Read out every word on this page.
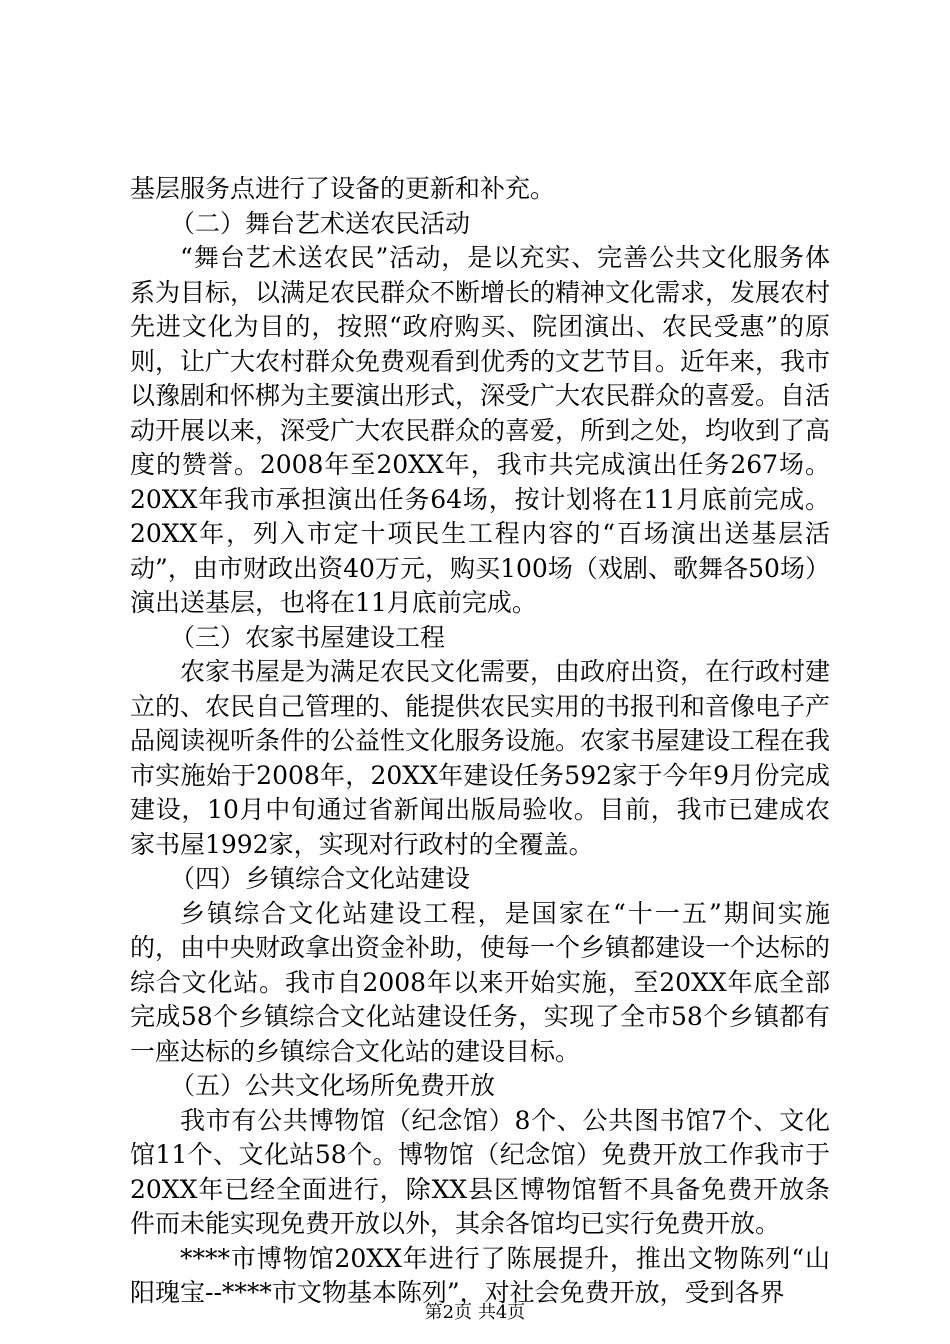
基层服务点进行了设备的更新和补充。

（二）舞台艺术送农民活动

“舞台艺术送农民”活动，是以充实、完善公共文化服务体系为目标，以满足农民群众不断增长的精神文化需求，发展农村先进文化为目的，按照“政府购买、院团演出、农民受惠”的原则，让广大农村群众免费观看到优秀的文艺节目。近年来，我市以豫剧和怀梆为主要演出形式，深受广大农民群众的喜爱。自活动开展以来，深受广大农民群众的喜爱，所到之处，均收到了高度的赞誉。2008年至20XX年，我市共完成演出任务267场。20XX年我市承担演出任务64场，按计划将在11月底前完成。20XX年，列入市定十项民生工程内容的“百场演出送基层活动”，由市财政出资40万元，购买100场（戏剧、歌舞各50场）演出送基层，也将在11月底前完成。

（三）农家书屋建设工程

农家书屋是为满足农民文化需要，由政府出资，在行政村建立的、农民自己管理的、能提供农民实用的书报刊和音像电子产品阅读视听条件的公益性文化服务设施。农家书屋建设工程在我市实施始于2008年，20XX年建设任务592家于今年9月份完成建设，10月中旬通过省新闻出版局验收。目前，我市已建成农家书屋1992家，实现对行政村的全覆盖。

（四）乡镇综合文化站建设

乡镇综合文化站建设工程，是国家在“十一五”期间实施的，由中央财政拿出资金补助，使每一个乡镇都建设一个达标的综合文化站。我市自2008年以来开始实施，至20XX年底全部完成58个乡镇综合文化站建设任务，实现了全市58个乡镇都有一座达标的乡镇综合文化站的建设目标。

（五）公共文化场所免费开放

我市有公共博物馆（纪念馆）8个、公共图书馆7个、文化馆11个、文化站58个。博物馆（纪念馆）免费开放工作我市于20XX年已经全面进行，除XX县区博物馆暂不具备免费开放条件而未能实现免费开放以外，其余各馆均已实行免费开放。

****市博物馆20XX年进行了陈展提升，推出文物陈列“山阳瑰宝--****市文物基本陈列”，对社会免费开放，受到各界

第2页 共4页
